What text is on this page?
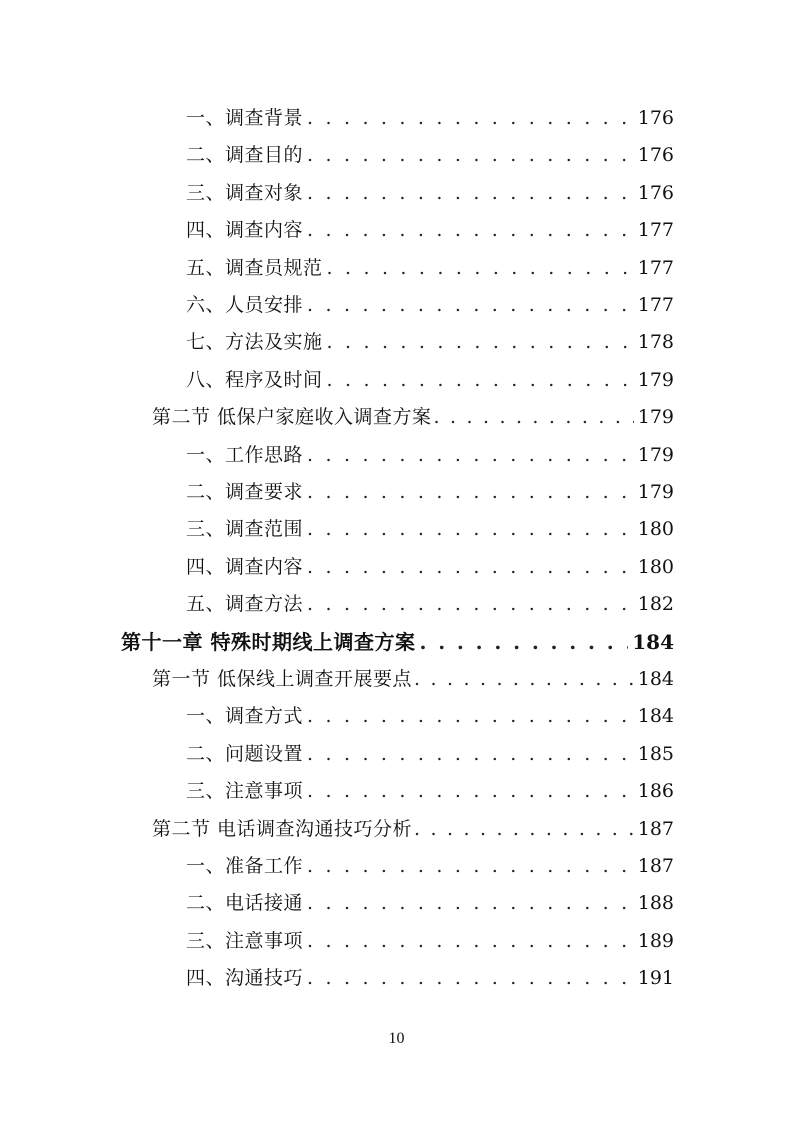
一、调查背景 . . .	176
二、调查目的 . . .	176
三、调查对象 . . .	176
四、调查内容 . . .	177
五、调查员规范 . . .	177
六、人员安排 . . .	177
七、方法及实施 . . .	178
八、程序及时间 . . .	179
第二节 低保户家庭收入调查方案 . . .	179
一、工作思路 . . .	179
二、调查要求 . . .	179
三、调查范围 . . .	180
四、调查内容 . . .	180
五、调查方法 . . .	182
第十一章 特殊时期线上调查方案 . . .	184
第一节 低保线上调查开展要点 . . .	184
一、调查方式 . . .	184
二、问题设置 . . .	185
三、注意事项 . . .	186
第二节 电话调查沟通技巧分析 . . .	187
一、准备工作 . . .	187
二、电话接通 . . .	188
三、注意事项 . . .	189
四、沟通技巧 . . .	191
10
